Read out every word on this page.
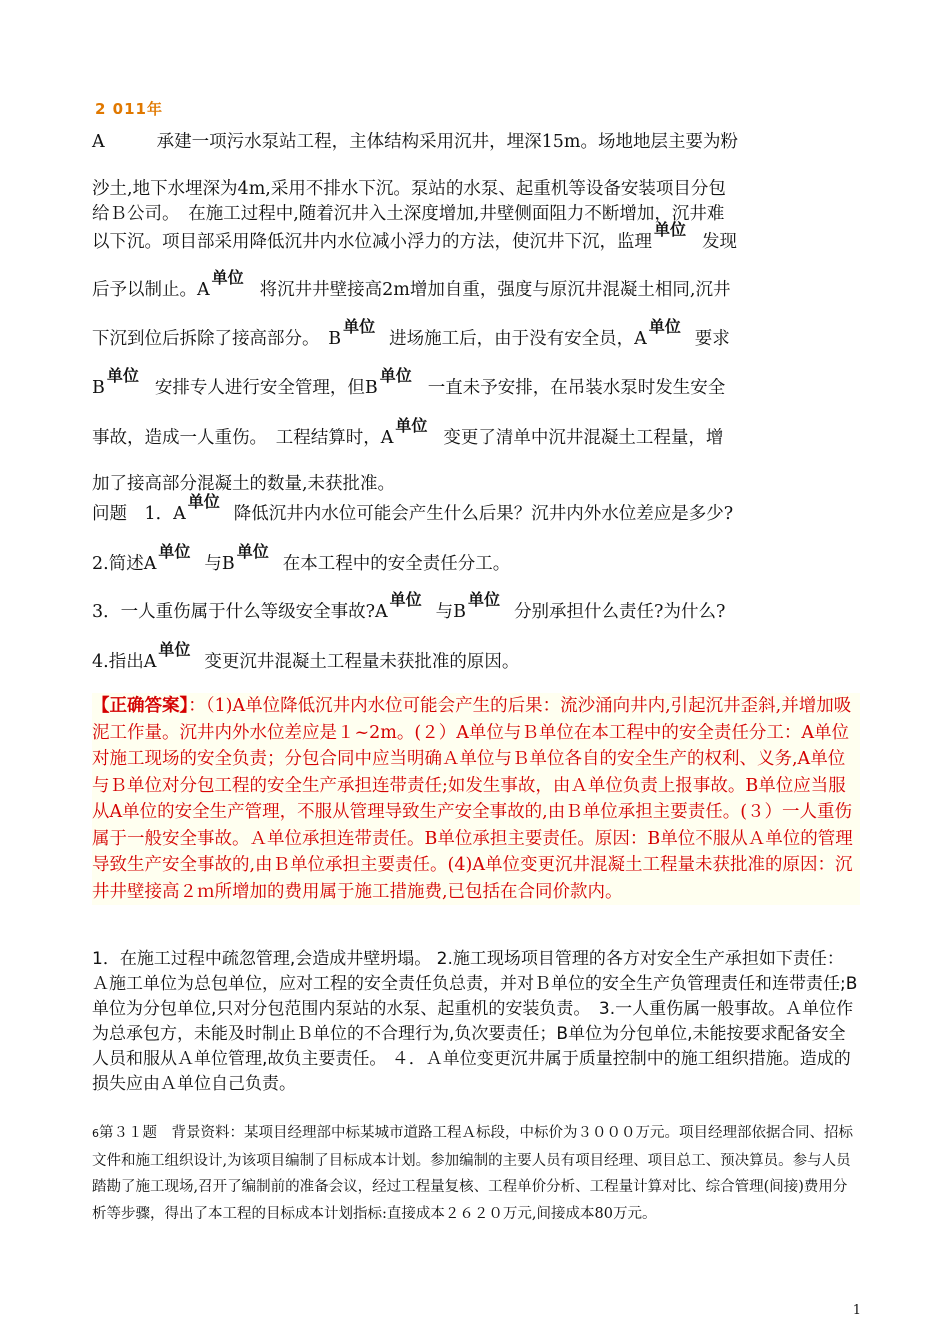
2 011年
A	承建一项污水泵站工程，主体结构采用沉井，埋深15m。场地地层主要为粉
沙土,地下水埋深为4m,采用不排水下沉。泵站的水泵、起重机等设备安装项目分包
给Ｂ公司。　在施工过程中,随着沉井入土深度增加,井壁侧面阻力不断增加，沉井难
以下沉。项目部采用降低沉井内水位减小浮力的方法，使沉井下沉，监理单位发现
后予以制止。A单位将沉井井壁接高2m增加自重，强度与原沉井混凝土相同,沉井
下沉到位后拆除了接高部分。　B单位进场施工后，由于没有安全员，A单位要求
B单位安排专人进行安全管理，但B单位一直未予安排，在吊装水泵时发生安全
事故，造成一人重伤。　工程结算时，A单位变更了清单中沉井混凝土工程量，增
加了接高部分混凝土的数量,未获批准。
问题　1．A单位降低沉井内水位可能会产生什么后果？沉井内外水位差应是多少?
2.简述A单位与B单位在本工程中的安全责任分工。
3．一人重伤属于什么等级安全事故?A单位与B单位分别承担什么责任?为什么?
4.指出A单位变更沉井混凝土工程量未获批准的原因。
【正确答案】：（1)A单位降低沉井内水位可能会产生的后果：流沙涌向井内,引起沉井歪斜,并增加吸泥工作量。沉井内外水位差应是１~2m。(２）A单位与Ｂ单位在本工程中的安全责任分工：A单位对施工现场的安全负责；分包合同中应当明确Ａ单位与Ｂ单位各自的安全生产的权利、义务,A单位与Ｂ单位对分包工程的安全生产承担连带责任;如发生事故，由Ａ单位负责上报事故。B单位应当服从A单位的安全生产管理，不服从管理导致生产安全事故的,由Ｂ单位承担主要责任。(３）一人重伤属于一般安全事故。Ａ单位承担连带责任。B单位承担主要责任。原因：B单位不服从Ａ单位的管理导致生产安全事故的,由Ｂ单位承担主要责任。(4)A单位变更沉井混凝土工程量未获批准的原因：沉井井壁接高２ｍ所增加的费用属于施工措施费,已包括在合同价款内。
1．在施工过程中疏忽管理,会造成井壁坍塌。 2.施工现场项目管理的各方对安全生产承担如下责任：Ａ施工单位为总包单位，应对工程的安全责任负总责，并对Ｂ单位的安全生产负管理责任和连带责任;B单位为分包单位,只对分包范围内泵站的水泵、起重机的安装负责。　3.一人重伤属一般事故。Ａ单位作为总承包方，未能及时制止Ｂ单位的不合理行为,负次要责任；B单位为分包单位,未能按要求配备安全人员和服从Ａ单位管理,故负主要责任。 ４．Ａ单位变更沉井属于质量控制中的施工组织措施。造成的损失应由Ａ单位自己负责。
6第３１题　背景资料：某项目经理部中标某城市道路工程Ａ标段，中标价为３０００万元。项目经理部依据合同、招标文件和施工组织设计,为该项目编制了目标成本计划。参加编制的主要人员有项目经理、项目总工、预决算员。参与人员踏勘了施工现场,召开了编制前的准备会议，经过工程量复核、工程单价分析、工程量计算对比、综合管理(间接)费用分析等步骤，得出了本工程的目标成本计划指标:直接成本２６２０万元,间接成本80万元。
1
